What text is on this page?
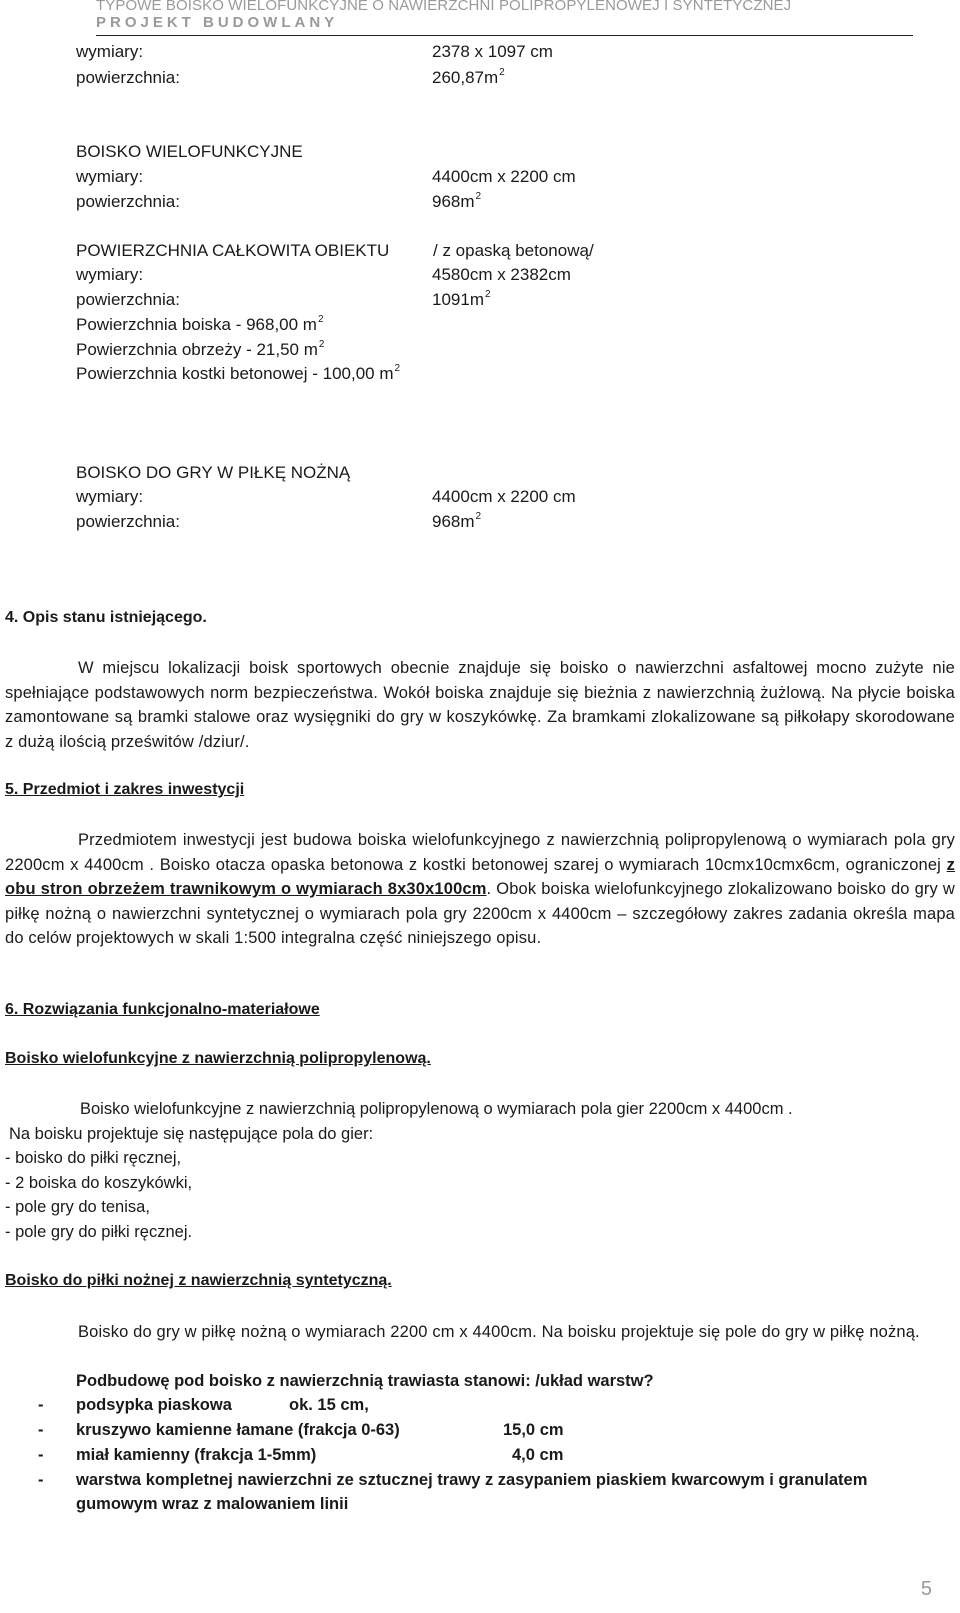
TYPOWE BOISKO WIELOFUNKCYJNE O NAWIERZCHNI POLIPROPYLENOWEJ I SYNTETYCZNEJ
PROJEKT BUDOWLANY
wymiary:	2378 x 1097 cm
powierzchnia:	$260,87m^2$
BOISKO WIELOFUNKCYJNE
wymiary:	4400cm x 2200 cm
powierzchnia:	$968m^2$
POWIERZCHNIA CAŁKOWITA OBIEKTU	/ z opaską betonową/
wymiary:	4580cm x 2382cm
powierzchnia:	$1091m^2$
Powierzchnia boiska - 968,00 $m^2$
Powierzchnia obrzeży - 21,50 $m^2$
Powierzchnia kostki betonowej - 100,00 $m^2$
BOISKO DO GRY W PIŁKĘ NOŻNĄ
wymiary:	4400cm x 2200 cm
powierzchnia:	$968m^2$
4. Opis stanu istniejącego.
W miejscu lokalizacji boisk sportowych obecnie znajduje się boisko o nawierzchni asfaltowej mocno zużyte nie spełniające podstawowych norm bezpieczeństwa. Wokół boiska znajduje się bieżnia z nawierzchnią żużlową. Na płycie boiska zamontowane są bramki stalowe oraz wysięgniki do gry w koszykówkę. Za bramkami zlokalizowane są piłkołapy skorodowane z dużą ilością prześwitów /dziur/.
5. Przedmiot i zakres inwestycji
Przedmiotem inwestycji jest budowa boiska wielofunkcyjnego z nawierzchnią polipropylenową o wymiarach pola gry 2200cm x 4400cm . Boisko otacza opaska betonowa z kostki betonowej szarej o wymiarach 10cmx10cmx6cm, ograniczonej z obu stron obrzeżem trawnikowym o wymiarach 8x30x100cm. Obok boiska wielofunkcyjnego zlokalizowano boisko do gry w piłkę nożną o nawierzchni syntetycznej o wymiarach pola gry 2200cm x 4400cm – szczegółowy zakres zadania określa mapa do celów projektowych w skali 1:500 integralna część niniejszego opisu.
6. Rozwiązania funkcjonalno-materiałowe
Boisko wielofunkcyjne z nawierzchnią polipropylenową.
Boisko wielofunkcyjne z nawierzchnią polipropylenową o wymiarach pola gier 2200cm x 4400cm .
Na boisku projektuje się następujące pola do gier:
- boisko do piłki ręcznej,
- 2 boiska do koszykówki,
- pole gry do tenisa,
- pole gry do piłki ręcznej.
Boisko do piłki nożnej z nawierzchnią syntetyczną.
Boisko do gry w piłkę nożną o wymiarach 2200 cm x 4400cm. Na boisku projektuje się pole do gry w piłkę nożną.
Podbudowę pod boisko z nawierzchnią trawiasta stanowi: /układ warstw?
- podsypka piaskowa	ok. 15 cm,
- kruszywo kamienne łamane (frakcja 0-63)	15,0 cm
- miał kamienny (frakcja 1-5mm)	4,0 cm
- warstwa kompletnej nawierzchni ze sztucznej trawy z zasypaniem piaskiem kwarcowym i granulatem
gumowym wraz z malowaniem linii
5
